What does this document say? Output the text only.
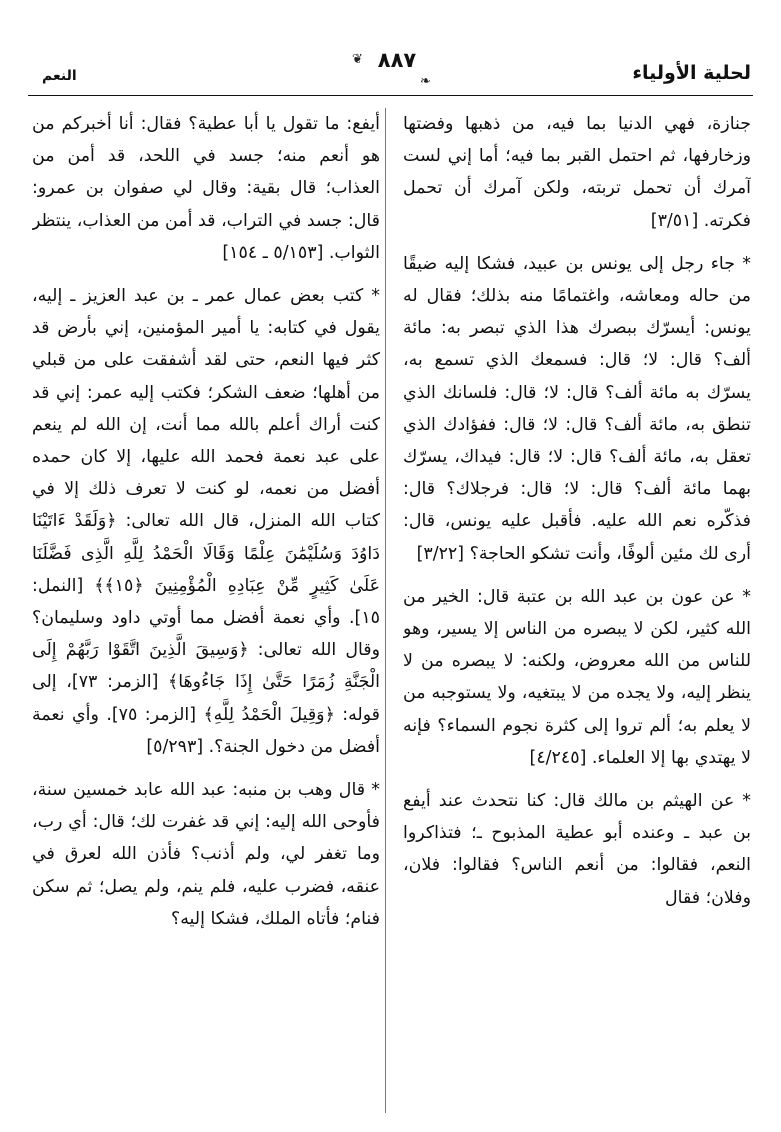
❦ ٨٨٧
❧	لحلية الأولياء
النعم

جنازة، فهي الدنيا بما فيه، من ذهبها وفضتها وزخارفها، ثم احتمل القبر بما فيه؛ أما إني لست آمرك أن تحمل تربته، ولكن آمرك أن تحمل فكرته. [٣/٥١]

* جاء رجل إلى يونس بن عبيد، فشكا إليه ضيقًا من حاله ومعاشه، واغتمامًا منه بذلك؛ فقال له يونس: أيسرّك ببصرك هذا الذي تبصر به: مائة ألف؟ قال: لا؛ قال: فسمعك الذي تسمع به، يسرّك به مائة ألف؟ قال: لا؛ قال: فلسانك الذي تنطق به، مائة ألف؟ قال: لا؛ قال: ففؤادك الذي تعقل به، مائة ألف؟ قال: لا؛ قال: فيداك، يسرّك بهما مائة ألف؟ قال: لا؛ قال: فرجلاك؟ قال: فذكّره نعم الله عليه. فأقبل عليه يونس، قال: أرى لك مئين ألوفًا، وأنت تشكو الحاجة؟ [٣/٢٢]

* عن عون بن عبد الله بن عتبة قال: الخير من الله كثير، لكن لا يبصره من الناس إلا يسير، وهو للناس من الله معروض، ولكنه: لا يبصره من لا ينظر إليه، ولا يجده من لا يبتغيه، ولا يستوجبه من لا يعلم به؛ ألم تروا إلى كثرة نجوم السماء؟ فإنه لا يهتدي بها إلا العلماء. [٤/٢٤٥]

* عن الهيثم بن مالك قال: كنا نتحدث عند أيفع بن عبد ـ وعنده أبو عطية المذبوح ـ؛ فتذاكروا النعم، فقالوا: من أنعم الناس؟ فقالوا: فلان، وفلان؛ فقال

أيفع: ما تقول يا أبا عطية؟ فقال: أنا أخبركم من هو أنعم منه؛ جسد في اللحد، قد أمن من العذاب؛ قال بقية: وقال لي صفوان بن عمرو: قال: جسد في التراب، قد أمن من العذاب، ينتظر الثواب. [٥/١٥٣ ـ ١٥٤]

* كتب بعض عمال عمر ـ بن عبد العزيز ـ إليه، يقول في كتابه: يا أمير المؤمنين، إني بأرض قد كثر فيها النعم، حتى لقد أشفقت على من قبلي من أهلها؛ ضعف الشكر؛ فكتب إليه عمر: إني قد كنت أراك أعلم بالله مما أنت، إن الله لم ينعم على عبد نعمة فحمد الله عليها، إلا كان حمده أفضل من نعمه، لو كنت لا تعرف ذلك إلا في كتاب الله المنزل، قال الله تعالى: ﴿وَلَقَدْ ءَاتَيْنَا دَاوُدَ وَسُلَيْمَٰنَ عِلْمًا وَقَالَا الْحَمْدُ لِلَّهِ الَّذِى فَضَّلَنَا عَلَىٰ كَثِيرٍ مِّنْ عِبَادِهِ الْمُؤْمِنِينَ ﴿١٥﴾﴾ [النمل: ١٥]. وأي نعمة أفضل مما أوتي داود وسليمان؟ وقال الله تعالى: ﴿وَسِيقَ الَّذِينَ اتَّقَوْا رَبَّهُمْ إِلَى الْجَنَّةِ زُمَرًا حَتَّىٰ إِذَا جَاءُوهَا﴾ [الزمر: ٧٣]، إلى قوله: ﴿وَقِيلَ الْحَمْدُ لِلَّهِ﴾ [الزمر: ٧٥]. وأي نعمة أفضل من دخول الجنة؟. [٥/٢٩٣]

* قال وهب بن منبه: عبد الله عابد خمسين سنة، فأوحى الله إليه: إني قد غفرت لك؛ قال: أي رب، وما تغفر لي، ولم أذنب؟ فأذن الله لعرق في عنقه، فضرب عليه، فلم ينم، ولم يصل؛ ثم سكن فنام؛ فأتاه الملك، فشكا إليه؟
